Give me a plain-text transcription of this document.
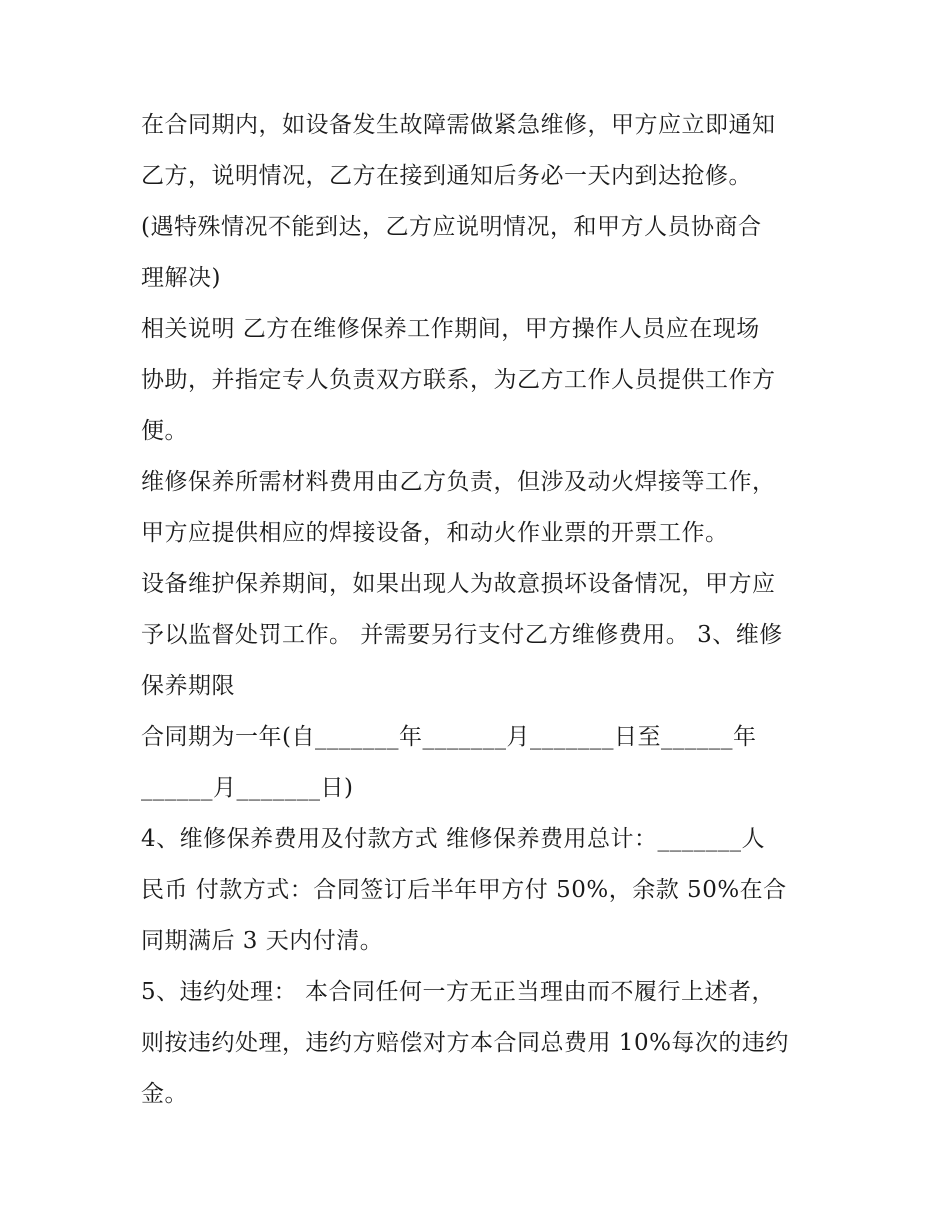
在合同期内，如设备发生故障需做紧急维修，甲方应立即通知
乙方，说明情况，乙方在接到通知后务必一天内到达抢修。
(遇特殊情况不能到达，乙方应说明情况，和甲方人员协商合
理解决)
相关说明 乙方在维修保养工作期间，甲方操作人员应在现场
协助，并指定专人负责双方联系，为乙方工作人员提供工作方
便。
维修保养所需材料费用由乙方负责，但涉及动火焊接等工作，
甲方应提供相应的焊接设备，和动火作业票的开票工作。
设备维护保养期间，如果出现人为故意损坏设备情况，甲方应
予以监督处罚工作。 并需要另行支付乙方维修费用。 3、维修
保养期限
合同期为一年(自_______年_______月_______日至______年
______月_______日)
4、维修保养费用及付款方式 维修保养费用总计：_______人
民币 付款方式：合同签订后半年甲方付 50%，余款 50%在合
同期满后 3 天内付清。
5、违约处理： 本合同任何一方无正当理由而不履行上述者，
则按违约处理，违约方赔偿对方本合同总费用 10%每次的违约
金。
